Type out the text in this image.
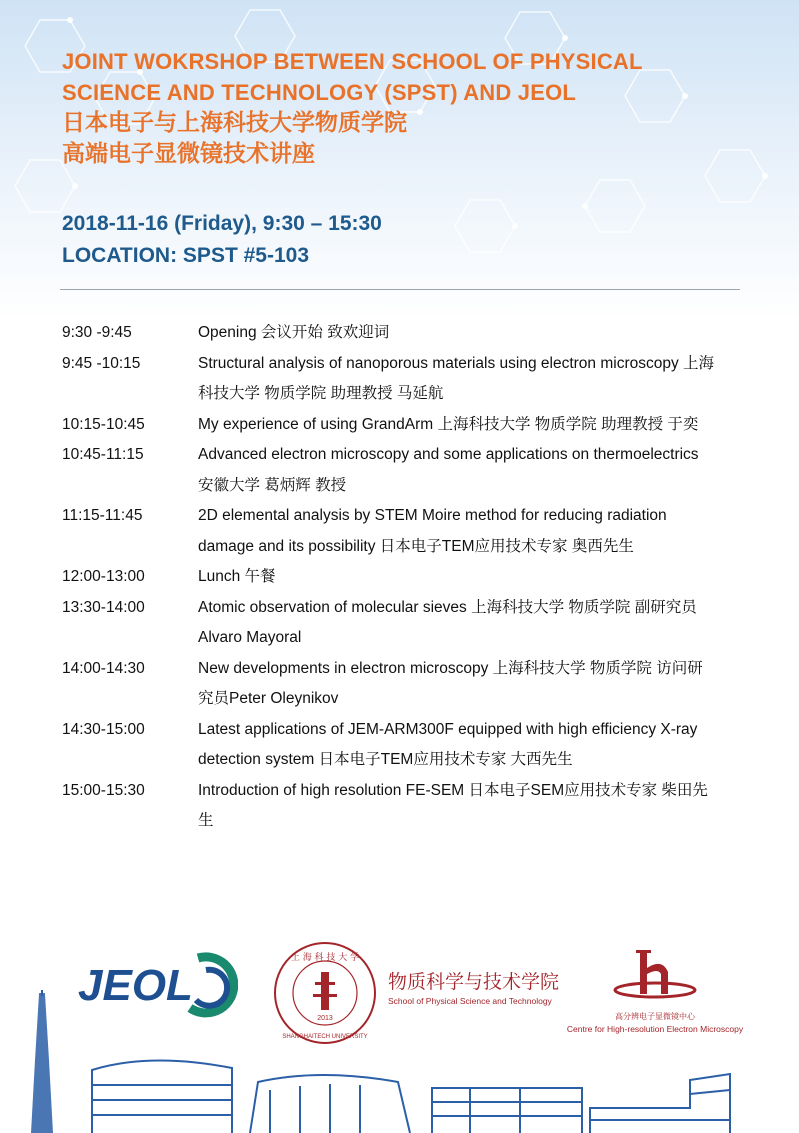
JOINT WOKRSHOP BETWEEN SCHOOL OF PHYSICAL

SCIENCE AND TECHNOLOGY (SPST) AND JEOL

日本电子与上海科技大学物质学院

高端电子显微镜技术讲座

2018-11-16 (Friday), 9:30 – 15:30
LOCATION: SPST #5-103
9:30 -9:45	Opening 会议开始 致欢迎词
9:45 -10:15	Structural analysis of nanoporous materials using electron microscopy 上海科技大学 物质学院 助理教授 马延航
10:15-10:45	My experience of using GrandArm 上海科技大学 物质学院 助理教授 于奕
10:45-11:15	Advanced electron microscopy and some applications on thermoelectrics 安徽大学 葛炳辉 教授
11:15-11:45	2D elemental analysis by STEM Moire method for reducing radiation damage and its possibility 日本电子TEM应用技术专家 奥西先生
12:00-13:00	Lunch 午餐
13:30-14:00	Atomic observation of molecular sieves 上海科技大学 物质学院 副研究员 Alvaro Mayoral
14:00-14:30	New developments in electron microscopy 上海科技大学 物质学院 访问研究员Peter Oleynikov
14:30-15:00	Latest applications of JEM-ARM300F equipped with high efficiency X-ray detection system 日本电子TEM应用技术专家 大西先生
15:00-15:30	Introduction of high resolution FE-SEM 日本电子SEM应用技术专家 柴田先生
JEOL
上 海 科 技 大 学
SHANGHAITECH UNIVERSITY
2013
物质科学与技术学院
School of Physical Science and Technology
高分辨电子显微镜中心
Centre for High-resolution Electron Microscopy
